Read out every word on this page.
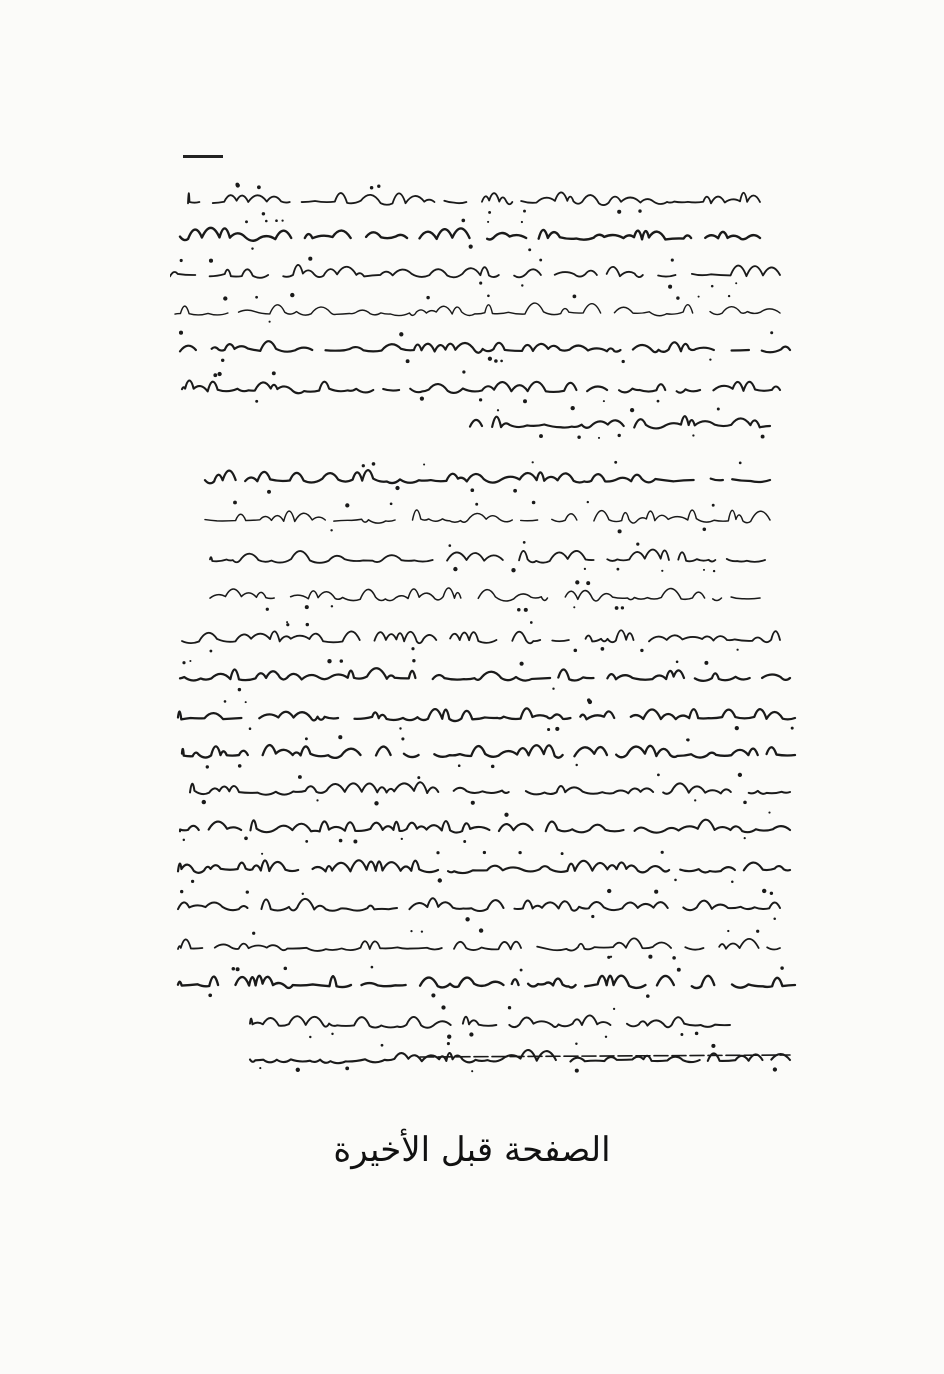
الصفحة قبل الأخيرة
